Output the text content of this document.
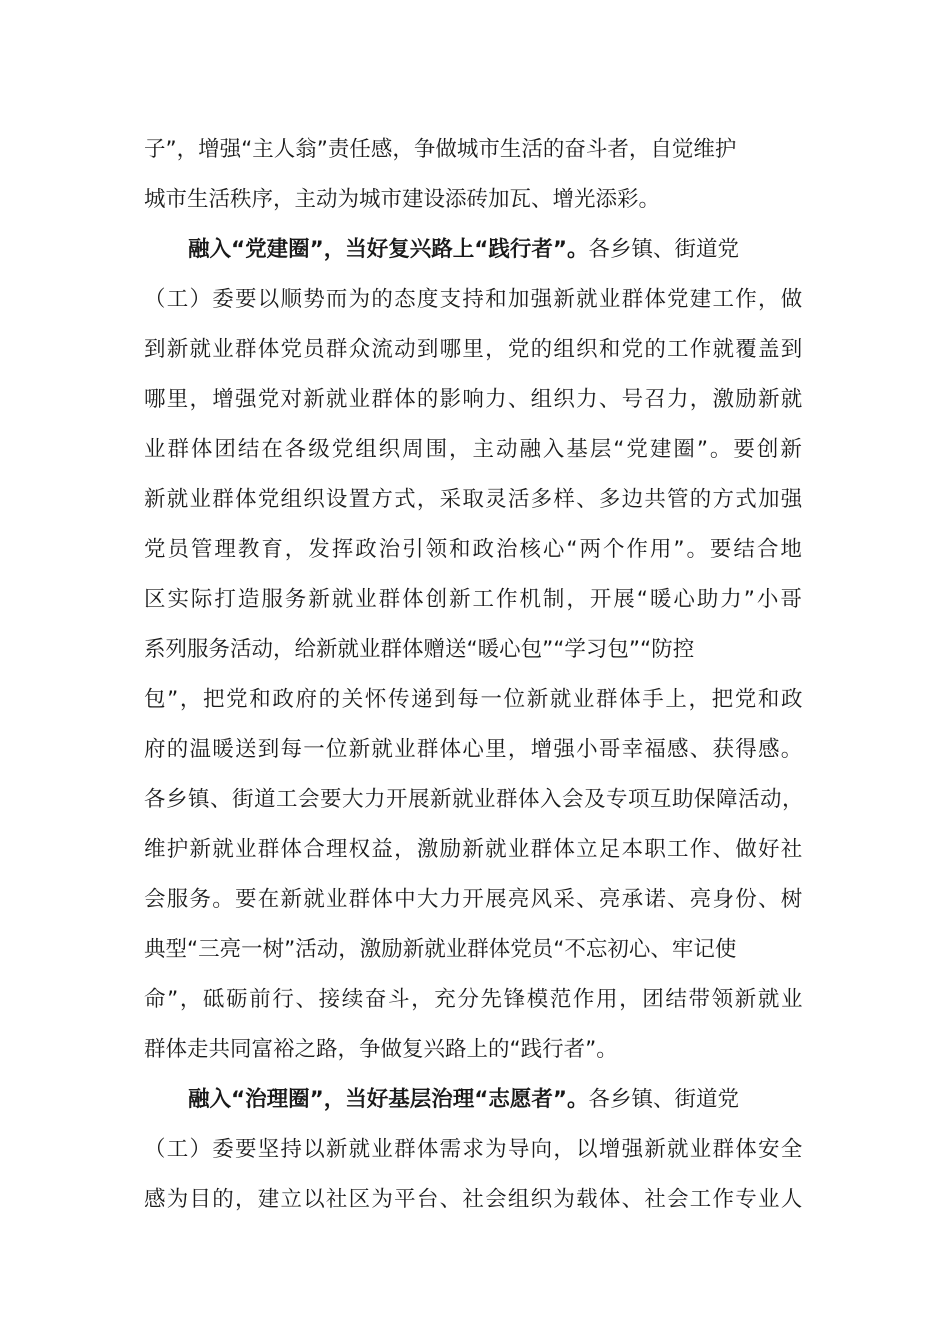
子”，增强“主人翁”责任感，争做城市生活的奋斗者，自觉维护
城市生活秩序，主动为城市建设添砖加瓦、增光添彩。
融入“党建圈”，当好复兴路上“践行者”。各乡镇、街道党
（工）委要以顺势而为的态度支持和加强新就业群体党建工作，做
到新就业群体党员群众流动到哪里，党的组织和党的工作就覆盖到
哪里，增强党对新就业群体的影响力、组织力、号召力，激励新就
业群体团结在各级党组织周围，主动融入基层“党建圈”。要创新
新就业群体党组织设置方式，采取灵活多样、多边共管的方式加强
党员管理教育，发挥政治引领和政治核心“两个作用”。要结合地
区实际打造服务新就业群体创新工作机制，开展“暖心助力”小哥
系列服务活动，给新就业群体赠送“暖心包”“学习包”“防控
包”，把党和政府的关怀传递到每一位新就业群体手上，把党和政
府的温暖送到每一位新就业群体心里，增强小哥幸福感、获得感。
各乡镇、街道工会要大力开展新就业群体入会及专项互助保障活动，
维护新就业群体合理权益，激励新就业群体立足本职工作、做好社
会服务。要在新就业群体中大力开展亮风采、亮承诺、亮身份、树
典型“三亮一树”活动，激励新就业群体党员“不忘初心、牢记使
命”，砥砺前行、接续奋斗，充分先锋模范作用，团结带领新就业
群体走共同富裕之路，争做复兴路上的“践行者”。
融入“治理圈”，当好基层治理“志愿者”。各乡镇、街道党
（工）委要坚持以新就业群体需求为导向，以增强新就业群体安全
感为目的，建立以社区为平台、社会组织为载体、社会工作专业人
